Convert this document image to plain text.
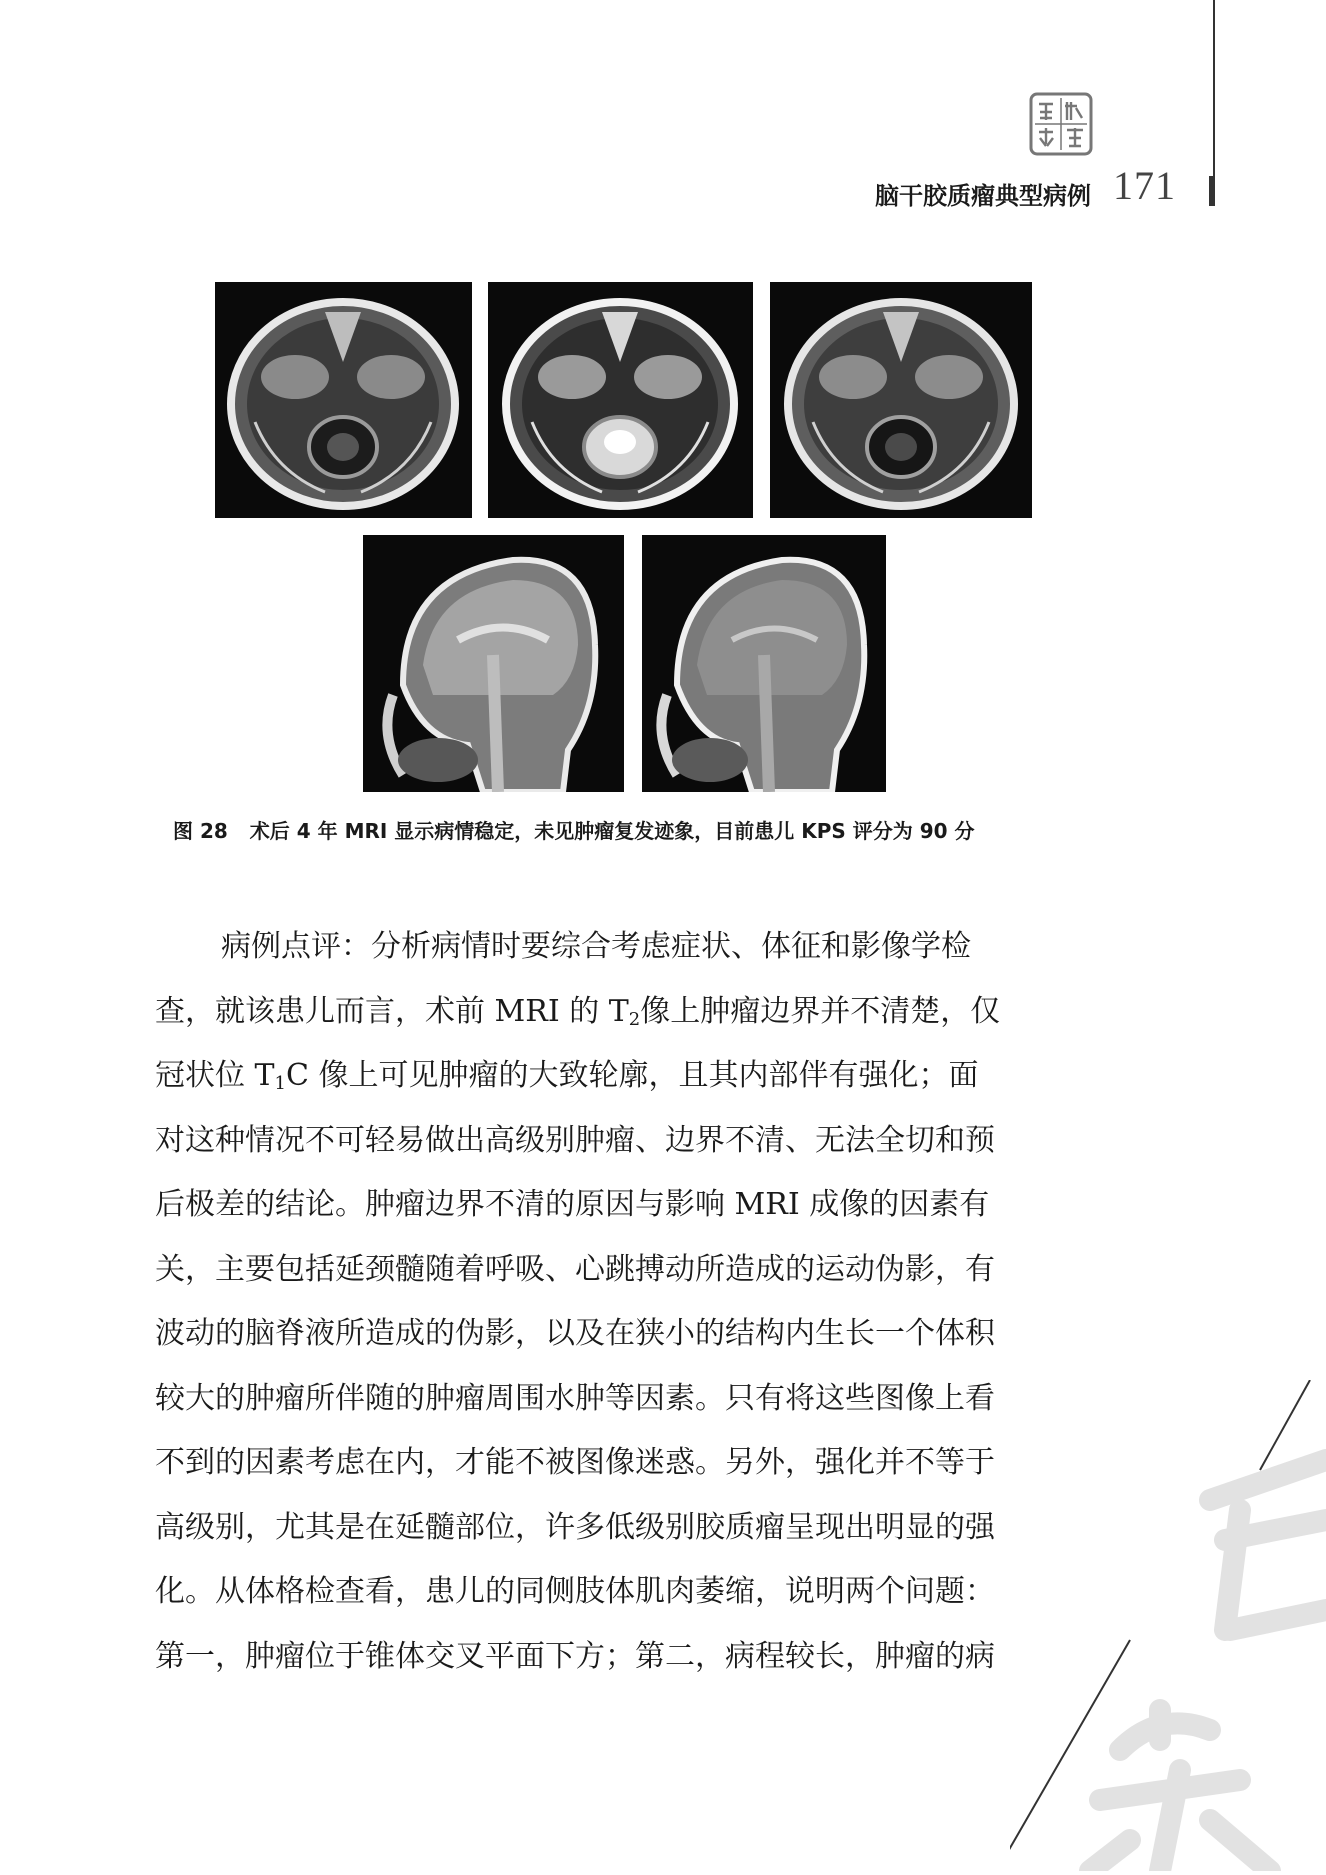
脑干胶质瘤典型病例 171
图 28 术后 4 年 MRI 显示病情稳定，未见肿瘤复发迹象，目前患儿 KPS 评分为 90 分
病例点评：分析病情时要综合考虑症状、体征和影像学检
查，就该患儿而言，术前 MRI 的 T 2 像上肿瘤边界并不清楚，仅
冠状位 T 1 C 像上可见肿瘤的大致轮廓，且其内部伴有强化；面
对这种情况不可轻易做出高级别肿瘤、边界不清、无法全切和预
后极差的结论。肿瘤边界不清的原因与影响 MRI 成像的因素有
关，主要包括延颈髓随着呼吸、心跳搏动所造成的运动伪影，有
波动的脑脊液所造成的伪影，以及在狭小的结构内生长一个体积
较大的肿瘤所伴随的肿瘤周围水肿等因素。只有将这些图像上看
不到的因素考虑在内，才能不被图像迷惑。另外，强化并不等于
高级别，尤其是在延髓部位，许多低级别胶质瘤呈现出明显的强
化。从体格检查看，患儿的同侧肢体肌肉萎缩，说明两个问题：
第一，肿瘤位于锥体交叉平面下方；第二，病程较长，肿瘤的病
